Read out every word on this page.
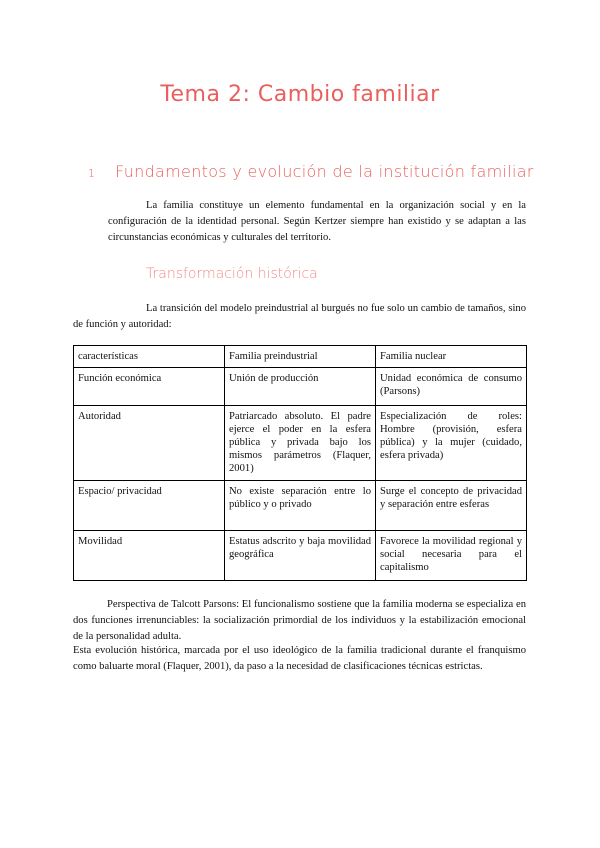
Tema 2: Cambio familiar
1 Fundamentos y evolución de la institución familiar
La familia constituye un elemento fundamental en la organización social y en la configuración de la identidad personal. Según Kertzer siempre han existido y se adaptan a las circunstancias económicas y culturales del territorio.
Transformación histórica
La transición del modelo preindustrial al burgués no fue solo un cambio de tamaños, sino de función y autoridad:
características	Familia preindustrial	Familia nuclear
Función económica	Unión de producción	Unidad económica de consumo (Parsons)
Autoridad	Patriarcado absoluto. El padre ejerce el poder en la esfera pública y privada bajo los mismos parámetros (Flaquer, 2001)	Especialización de roles: Hombre (provisión, esfera pública) y la mujer (cuidado, esfera privada)
Espacio/ privacidad	No existe separación entre lo público y o privado	Surge el concepto de privacidad y separación entre esferas
Movilidad	Estatus adscrito y baja movilidad geográfica	Favorece la movilidad regional y social necesaria para el capitalismo
Perspectiva de Talcott Parsons: El funcionalismo sostiene que la familia moderna se especializa en dos funciones irrenunciables: la socialización primordial de los individuos y la estabilización emocional de la personalidad adulta.
Esta evolución histórica, marcada por el uso ideológico de la familia tradicional durante el franquismo como baluarte moral (Flaquer, 2001), da paso a la necesidad de clasificaciones técnicas estrictas.
